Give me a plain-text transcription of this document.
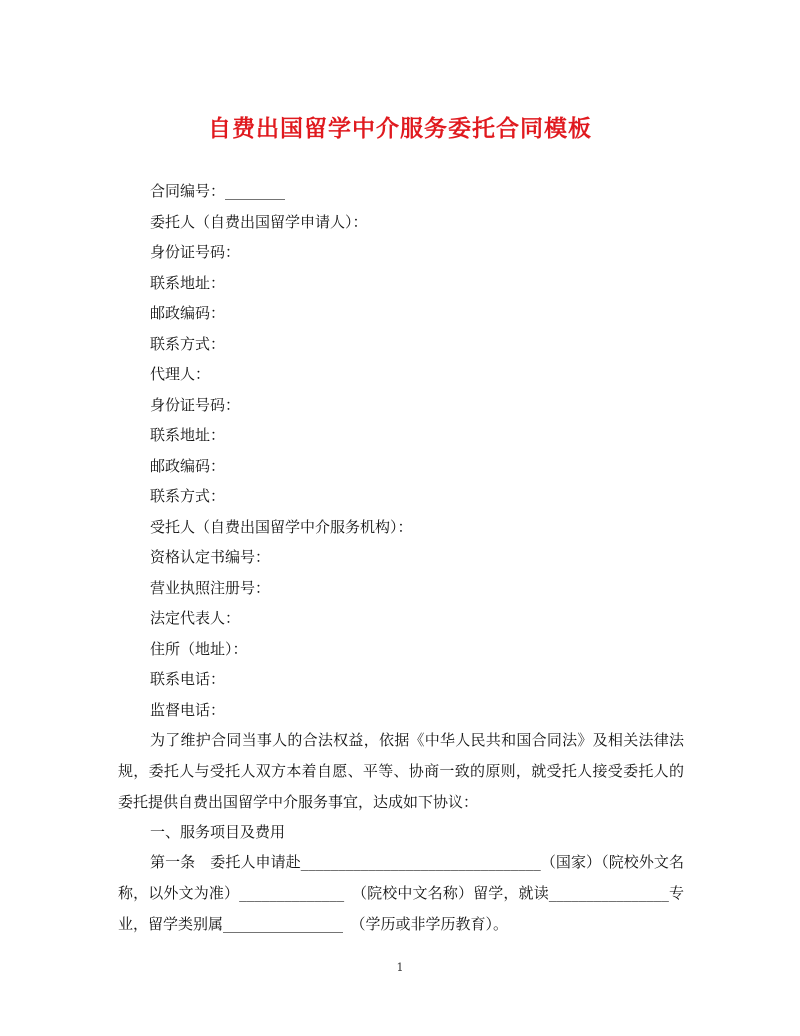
自费出国留学中介服务委托合同模板
合同编号：________
委托人（自费出国留学申请人）：
身份证号码：
联系地址：
邮政编码：
联系方式：
代理人：
身份证号码：
联系地址：
邮政编码：
联系方式：
受托人（自费出国留学中介服务机构）：
资格认定书编号：
营业执照注册号：
法定代表人：
住所（地址）：
联系电话：
监督电话：
为了维护合同当事人的合法权益，依据《中华人民共和国合同法》及相关法律法规，委托人与受托人双方本着自愿、平等、协商一致的原则，就受托人接受委托人的委托提供自费出国留学中介服务事宜，达成如下协议：
一、服务项目及费用
第一条　委托人申请赴________________________________（国家）（院校外文名称，以外文为准）______________　（院校中文名称）留学，就读________________专业，留学类别属________________　（学历或非学历教育）。
1
